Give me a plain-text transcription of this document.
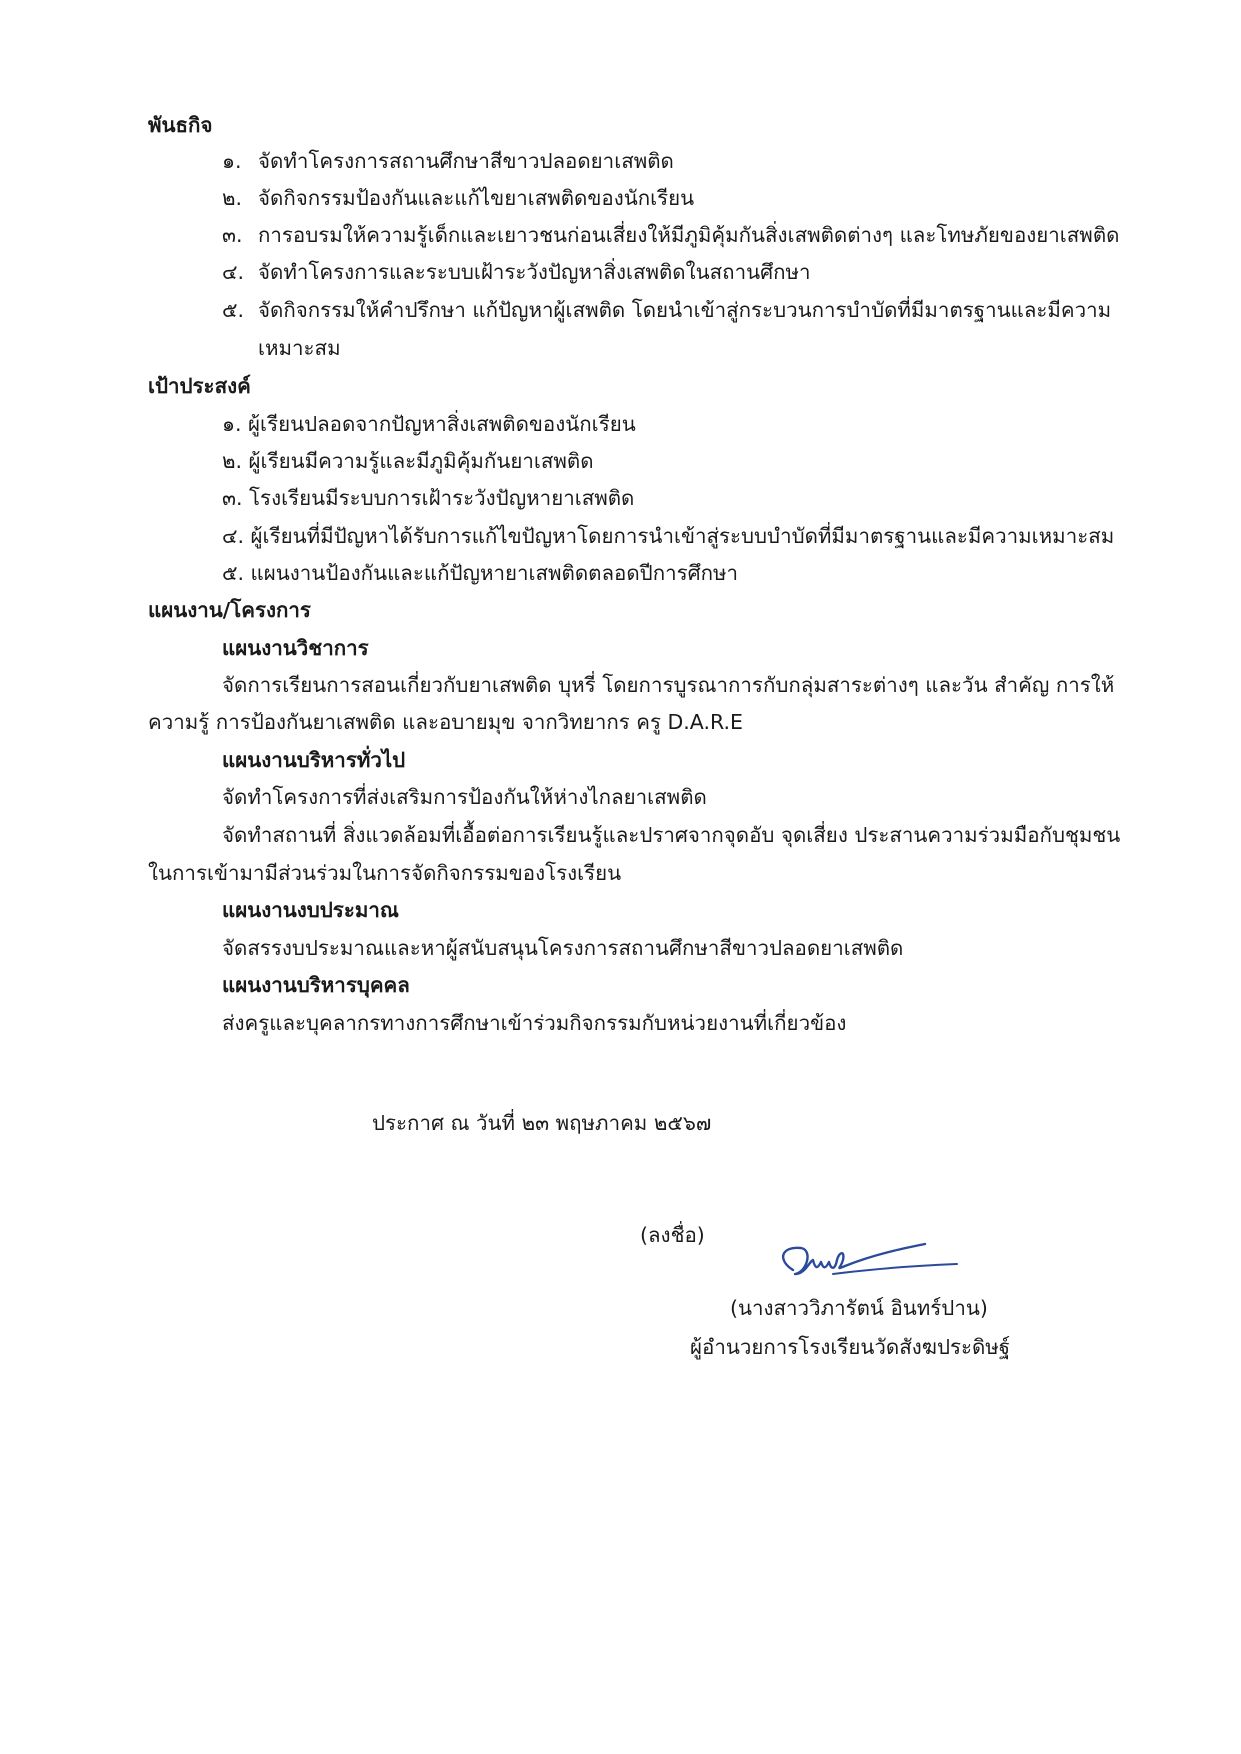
พันธกิจ
๑. จัดทำโครงการสถานศึกษาสีขาวปลอดยาเสพติด
๒. จัดกิจกรรมป้องกันและแก้ไขยาเสพติดของนักเรียน
๓. การอบรมให้ความรู้เด็กและเยาวชนก่อนเสี่ยงให้มีภูมิคุ้มกันสิ่งเสพติดต่างๆ และโทษภัยของยาเสพติด
๔. จัดทำโครงการและระบบเฝ้าระวังปัญหาสิ่งเสพติดในสถานศึกษา
๕. จัดกิจกรรมให้คำปรึกษา แก้ปัญหาผู้เสพติด โดยนำเข้าสู่กระบวนการบำบัดที่มีมาตรฐานและมีความ
เหมาะสม
เป้าประสงค์
๑. ผู้เรียนปลอดจากปัญหาสิ่งเสพติดของนักเรียน
๒. ผู้เรียนมีความรู้และมีภูมิคุ้มกันยาเสพติด
๓. โรงเรียนมีระบบการเฝ้าระวังปัญหายาเสพติด
๔. ผู้เรียนที่มีปัญหาได้รับการแก้ไขปัญหาโดยการนำเข้าสู่ระบบบำบัดที่มีมาตรฐานและมีความเหมาะสม
๕. แผนงานป้องกันและแก้ปัญหายาเสพติดตลอดปีการศึกษา
แผนงาน/โครงการ
แผนงานวิชาการ
จัดการเรียนการสอนเกี่ยวกับยาเสพติด บุหรี่ โดยการบูรณาการกับกลุ่มสาระต่างๆ และวัน สำคัญ การให้
ความรู้ การป้องกันยาเสพติด และอบายมุข จากวิทยากร ครู D.A.R.E
แผนงานบริหารทั่วไป
จัดทำโครงการที่ส่งเสริมการป้องกันให้ห่างไกลยาเสพติด
จัดทำสถานที่ สิ่งแวดล้อมที่เอื้อต่อการเรียนรู้และปราศจากจุดอับ จุดเสี่ยง ประสานความร่วมมือกับชุมชน
ในการเข้ามามีส่วนร่วมในการจัดกิจกรรมของโรงเรียน
แผนงานงบประมาณ
จัดสรรงบประมาณและหาผู้สนับสนุนโครงการสถานศึกษาสีขาวปลอดยาเสพติด
แผนงานบริหารบุคคล
ส่งครูและบุคลากรทางการศึกษาเข้าร่วมกิจกรรมกับหน่วยงานที่เกี่ยวข้อง
ประกาศ ณ วันที่ ๒๓ พฤษภาคม ๒๕๖๗
(ลงชื่อ)
(นางสาววิภารัตน์ อินทร์ปาน)
ผู้อำนวยการโรงเรียนวัดสังฆประดิษฐ์
